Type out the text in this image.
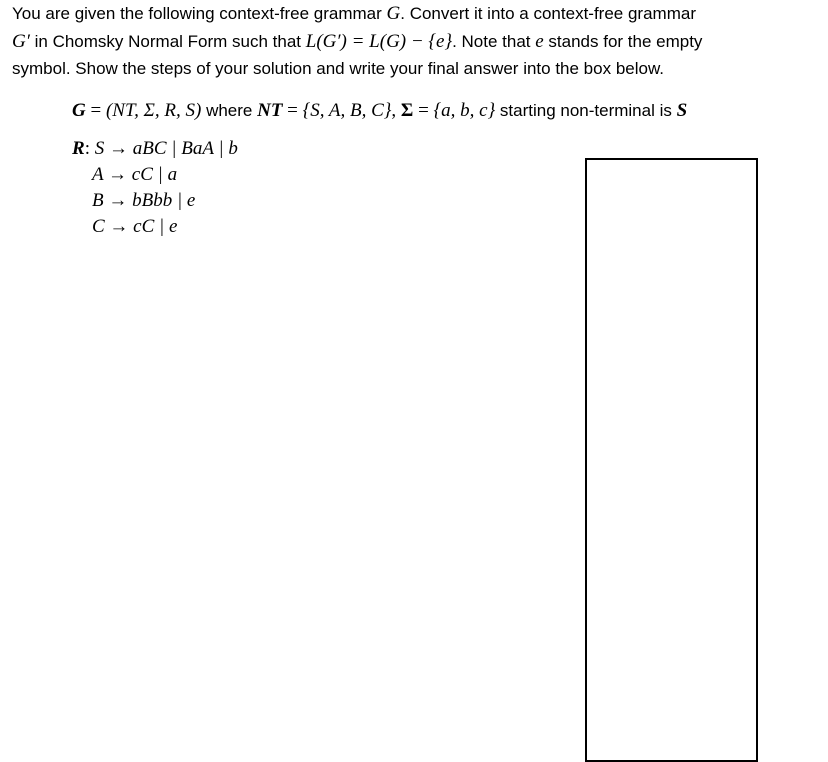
You are given the following context-free grammar G. Convert it into a context-free grammar
G′ in Chomsky Normal Form such that L(G′) = L(G) − {e}. Note that e stands for the empty
symbol. Show the steps of your solution and write your final answer into the box below.
G = (NT, Σ, R, S) where NT = {S, A, B, C}, Σ = {a, b, c} starting non-terminal is S
R: S → aBC | BaA | b
A → cC | a
B → bBbb | e
C → cC | e
